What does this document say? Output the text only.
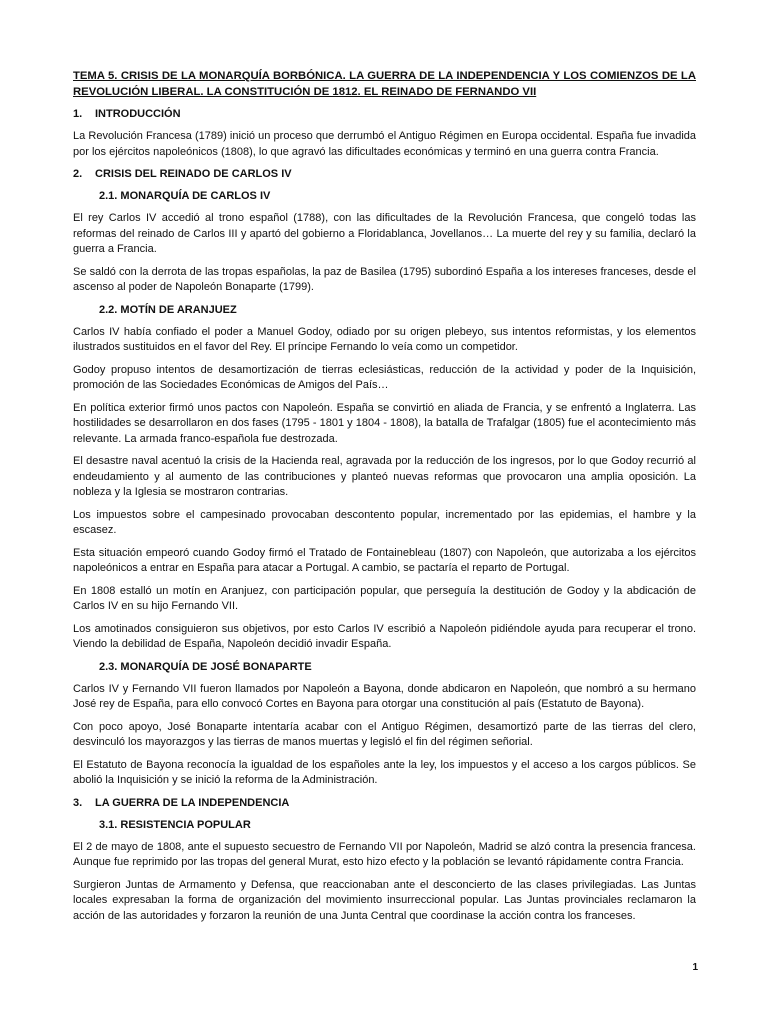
TEMA 5. CRISIS DE LA MONARQUÍA BORBÓNICA. LA GUERRA DE LA INDEPENDENCIA Y LOS COMIENZOS DE LA REVOLUCIÓN LIBERAL. LA CONSTITUCIÓN DE 1812. EL REINADO DE FERNANDO VII
1. INTRODUCCIÓN
La Revolución Francesa (1789) inició un proceso que derrumbó el Antiguo Régimen en Europa occidental. España fue invadida por los ejércitos napoleónicos (1808), lo que agravó las dificultades económicas y terminó en una guerra contra Francia.
2. CRISIS DEL REINADO DE CARLOS IV
2.1. MONARQUÍA DE CARLOS IV
El rey Carlos IV accedió al trono español (1788), con las dificultades de la Revolución Francesa, que congeló todas las reformas del reinado de Carlos III y apartó del gobierno a Floridablanca, Jovellanos… La muerte del rey y su familia, declaró la guerra a Francia.
Se saldó con la derrota de las tropas españolas, la paz de Basilea (1795) subordinó España a los intereses franceses, desde el ascenso al poder de Napoleón Bonaparte (1799).
2.2. MOTÍN DE ARANJUEZ
Carlos IV había confiado el poder a Manuel Godoy, odiado por su origen plebeyo, sus intentos reformistas, y los elementos ilustrados sustituidos en el favor del Rey. El príncipe Fernando lo veía como un competidor.
Godoy propuso intentos de desamortización de tierras eclesiásticas, reducción de la actividad y poder de la Inquisición, promoción de las Sociedades Económicas de Amigos del País…
En política exterior firmó unos pactos con Napoleón. España se convirtió en aliada de Francia, y se enfrentó a Inglaterra. Las hostilidades se desarrollaron en dos fases (1795 - 1801 y 1804 - 1808), la batalla de Trafalgar (1805) fue el acontecimiento más relevante. La armada franco-española fue destrozada.
El desastre naval acentuó la crisis de la Hacienda real, agravada por la reducción de los ingresos, por lo que Godoy recurrió al endeudamiento y al aumento de las contribuciones y planteó nuevas reformas que provocaron una amplia oposición. La nobleza y la Iglesia se mostraron contrarias.
Los impuestos sobre el campesinado provocaban descontento popular, incrementado por las epidemias, el hambre y la escasez.
Esta situación empeoró cuando Godoy firmó el Tratado de Fontainebleau (1807) con Napoleón, que autorizaba a los ejércitos napoleónicos a entrar en España para atacar a Portugal. A cambio, se pactaría el reparto de Portugal.
En 1808 estalló un motín en Aranjuez, con participación popular, que perseguía la destitución de Godoy y la abdicación de Carlos IV en su hijo Fernando VII.
Los amotinados consiguieron sus objetivos, por esto Carlos IV escribió a Napoleón pidiéndole ayuda para recuperar el trono. Viendo la debilidad de España, Napoleón decidió invadir España.
2.3. MONARQUÍA DE JOSÉ BONAPARTE
Carlos IV y Fernando VII fueron llamados por Napoleón a Bayona, donde abdicaron en Napoleón, que nombró a su hermano José rey de España, para ello convocó Cortes en Bayona para otorgar una constitución al país (Estatuto de Bayona).
Con poco apoyo, José Bonaparte intentaría acabar con el Antiguo Régimen, desamortizó parte de las tierras del clero, desvinculó los mayorazgos y las tierras de manos muertas y legisló el fin del régimen señorial.
El Estatuto de Bayona reconocía la igualdad de los españoles ante la ley, los impuestos y el acceso a los cargos públicos. Se abolió la Inquisición y se inició la reforma de la Administración.
3. LA GUERRA DE LA INDEPENDENCIA
3.1. RESISTENCIA POPULAR
El 2 de mayo de 1808, ante el supuesto secuestro de Fernando VII por Napoleón, Madrid se alzó contra la presencia francesa. Aunque fue reprimido por las tropas del general Murat, esto hizo efecto y la población se levantó rápidamente contra Francia.
Surgieron Juntas de Armamento y Defensa, que reaccionaban ante el desconcierto de las clases privilegiadas. Las Juntas locales expresaban la forma de organización del movimiento insurreccional popular. Las Juntas provinciales reclamaron la acción de las autoridades y forzaron la reunión de una Junta Central que coordinase la acción contra los franceses.
1
